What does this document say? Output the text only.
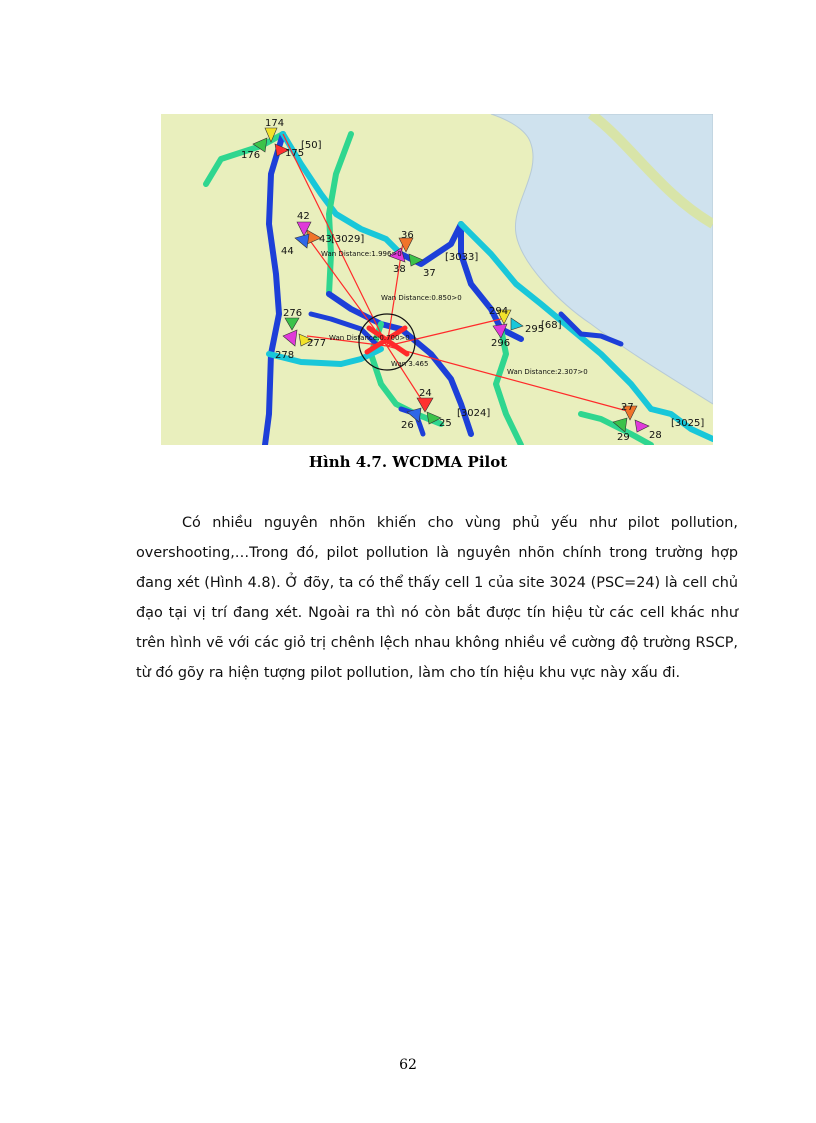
[50]
[3029]
[3033]
[68]
[3024]
[3025]
174
176 175
42
43
44
36
38 37
294
295
296
276
278
277
24
26	25
27
29 28
Wan Distance:1.996>0
Wan Distance:0.850>0
Wan Distance:0.700>0
Wan Distance:2.307>0
Wan 3.465
Hình 4.7. WCDMA Pilot

Có nhiều nguyên nhõn khiến cho vùng phủ yếu như pilot pollution, overshooting,…Trong đó, pilot pollution là nguyên nhõn chính trong trường hợp đang xét (Hình 4.8). Ở đõy, ta có thể thấy cell 1 của site 3024 (PSC=24) là cell chủ đạo tại vị trí đang xét. Ngoài ra thì nó còn bắt được tín hiệu từ các cell khác như trên hình vẽ với các giỏ trị chênh lệch nhau không nhiều về cường độ trường RSCP, từ đó gõy ra hiện tượng pilot pollution, làm cho tín hiệu khu vực này xấu đi.

62
